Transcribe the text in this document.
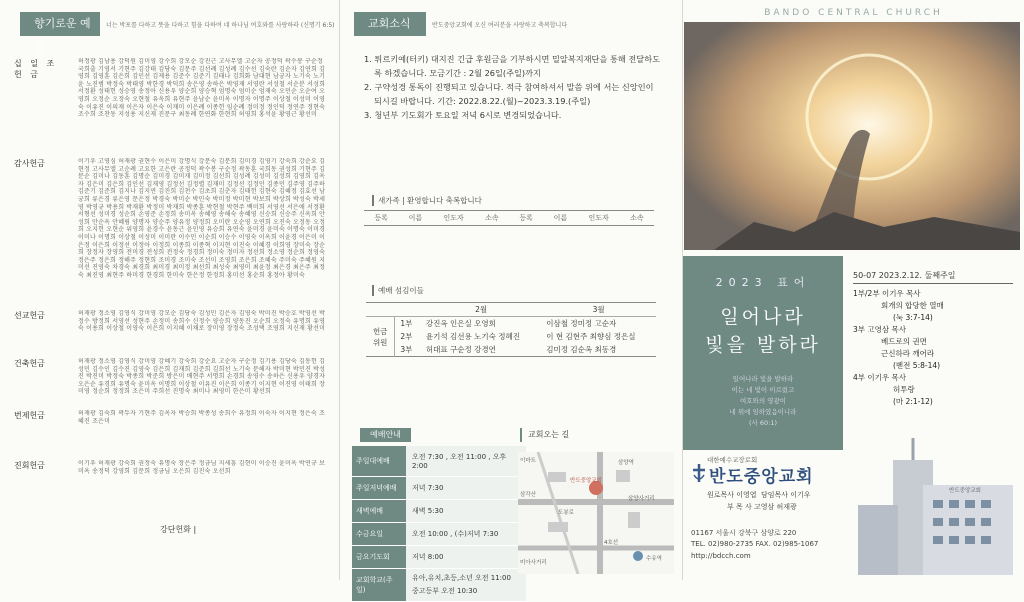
향기로운 예물
너는 박포를 다하고 뜻을 다하고 힘을 다하여 네 하나님 여호와를 사랑하라 (신명기 6:5)
십 일 조
헌 금
허정광 김남용 강덕원 김미영 강수희 강모순 강진근 고사무엘 고순자 공정덕 곽수봉 구순정 국희출 기영서 기현주 김강태 김당숙 김문주 김선례 김성례 김수선 김숙란 김순자 김연희 김영희 김영훈 김은희 김인선 김제용 김준수 김준기 김태나 김희화 남대현 남궁자 노기숙 노기윤 노진범 박정숙 박태영 박한경 박덕희 송은영 송하은 박영재 서영란 서성철 서순분 서성희 서정환 성태헌 성승영 송정아 신용우 양순희 양승혁 엄명숙 엄미순 엄재숙 오민순 오순여 오영희 오정순 오정숙 오현철 유옥희 유현주 윤남순 윤미옥 이명자 이명주 이상철 이성미 이영숙 이유진 이의재 이은자 이은숙 이재미 이은례 이종헌 임순례 정미정 정인덕 정연주 정현숙 조수희 조찬동 지성용 지신재 진문구 최동례 한연화 한현희 허영희 홍석윤 황영근 황선미
감사헌금	이기우 고영심 허재광 권현수 이은미 강명식 강문숙 김문희 김미경 김영기 강숙희 강순요 김현정 고사무엘 고순례 고요한 고은란 공정덕 곽수봉 구순정 곽동훈 국희동 권성희 기현주 김문순 김미나 김동훈 김명순 김미경 김미재 김미정 김선희 김성례 김성미 김성희 김영희 김옥자 김은미 김은희 김인선 김재영 김정선 김정렬 김재미 김정선 김정민 김종민 김주영 김주하 김준기 김준희 김지나 김지연 김진희 김천수 김초희 김춘자 김태헌 김현숙 김혜정 김효선 남궁희 류은경 류은영 문은정 박경숙 박미순 박민숙 박미정 박미현 박보희 박상희 박성숙 박세영 박영규 박용희 박재환 박정미 박재희 박종훈 박현철 박현주 백미희 서영선 서은애 서정환 서형선 성미경 성순희 손영준 손정희 송미옥 송혜영 송해숙 송혜영 신승희 신승주 신옥희 안성희 안순옥 안혜림 양명자 양순주 양유정 양정희 오미란 오순영 오연희 오진숙 오정동 오정희 오지헌 오현순 위영희 윤경수 윤동근 윤인영 유승희 유연숙 윤미경 윤미숙 이명숙 이미경 이미나 이명희 이상철 이성미 이미란 이수민 이순희 이승수 이영숙 이옥희 이윤경 이은미 이은정 이은희 이정선 이정아 이정희 이종희 이종혁 이지현 이진숙 이혜경 이희영 장미숙 장순희 장정자 장영희 전미경 전성희 전정숙 정경희 정미숙 정미자 정선희 정소영 정순희 정영숙 정은주 정은희 정해주 정현희 조미경 조미숙 조선미 조영희 조은희 조혜숙 주미숙 주혜원 지미선 진영숙 차경숙 최경희 최미경 최미정 최선희 최성숙 최영미 최윤정 최은경 최은주 최정숙 최진영 최현주 하미경 한경희 한미숙 한은정 한정희 홍미선 홍순희 홍정아 황미숙
선교헌금	허재광 정소영 김영식 강미영 강모순 김당숙 김성민 김은자 김영숙 박미진 박승호 박영선 박정수 방정희 서영선 성현주 손정미 송희수 신정수 양승희 양동진 오순희 오정숙 유명희 유영숙 이용희 이상철 이영숙 이은희 이지혜 이채로 장미영 장정숙 조성택 조영희 지신재 황선미
건축헌금	허재광 정소영 김영식 강미영 강혜기 강숙희 강순요 고순자 구순정 김기용 김당숙 김동헌 김성민 김수인 김수진 김영숙 김은희 김재희 김준희 김희선 노기숙 문해자 박미현 박민진 박성진 박진미 박정숙 박종희 박준희 방은미 배현주 서명희 손경희 송영수 송하은 신용우 양경자 오은순 유경희 유명숙 윤미옥 이명희 이상철 이유진 이은희 이종기 이지현 이진영 이태희 장미영 정순희 정정희 조은미 주희선 진명숙 최미나 최영미 한은미 황선희
번제헌금	허재광 김숙희 곽두자 기현주 김옥자 박승희 박종성 송희수 유정희 이숙자 이지현 정은숙 조혜진 조은미
진회헌금	이기우 허재광 강숙희 권정숙 유명숙 장은주 정금님 지세흥 김현미 이승진 윤미옥 박연규 보미옥 송정덕 강영희 김문희 정금님 오은희 김진숙 오선희
강단헌화 |
교회소식	반도중앙교회에 오신 여러분을 사랑하고 축복합니다
1. 튀르키예(터키) 대지진 긴급 후원금을 기부하시면 밀알복지재단을 통해 전달하도록 하겠습니다. 모금기간 : 2월 26일(주일)까지
2. 구약성경 통독이 진행되고 있습니다. 적극 참여하셔서 말씀 위에 서는 신앙인이 되시길 바랍니다. 기간: 2022.8.22.(월)~2023.3.19.(주일)
3. 청년부 기도회가 토요일 저녁 6시로 변경되었습니다.
새가족 | 환영합니다 축복합니다
등록	이름	인도자	소속	등록	이름	인도자	소속
예배 섬김이들
		2월	3월
헌금
위원	1부	강진옥 인은실 오영희	이삼철 정미정 고순자
	2부	윤기석 김선용 노기숙 정혜진	이 현 김현주 최향심 정은실
	3부	허대표 구순정 강경연	김미정 김순옥 최동경
예배안내
주일대예배	오전 7:30 , 오전 11:00 , 오후 2:00
주일저녁예배	저녁 7:30
새벽예배	새벽 5:30
수금요일	오전 10:00 , (수)저녁 7:30
금요기도회	저녁 8:00
교회학교(주일)	유아,유치,초등,소년 오전 11:00
중고등부 오전 10:30
교회오는 길
이마트	삼양역
반도중앙교회
삼각산
도봉로
삼양사거리
4호선
수유역
미아사거리
BANDO CENTRAL CHURCH
2023 표어
일어나라
빛을 발하라
일어나라 빛을 발하라
이는 네 빛이 이르렀고
여호와의 영광이
네 위에 임하였음이니라
(사 60:1)
50-07 2023.2.12. 둘째주일
1부/2부 이기우 목사
회개의 합당한 열매
(눅 3:7-14)
3부 고영삼 목사
베드로의 권면
근신하라 깨어라
(벧전 5:8-14)
4부 이기우 목사
허투랑
(마 2:1-12)
대한예수교장로회
반도중앙교회
원로목사 이영엽  담임목사 이기우
부 목 사 고영삼 허재광
01167 서울시 강북구 삼양로 220
TEL. 02)980-2735 FAX. 02)985-1067
http://bdcch.com
반도중앙교회
